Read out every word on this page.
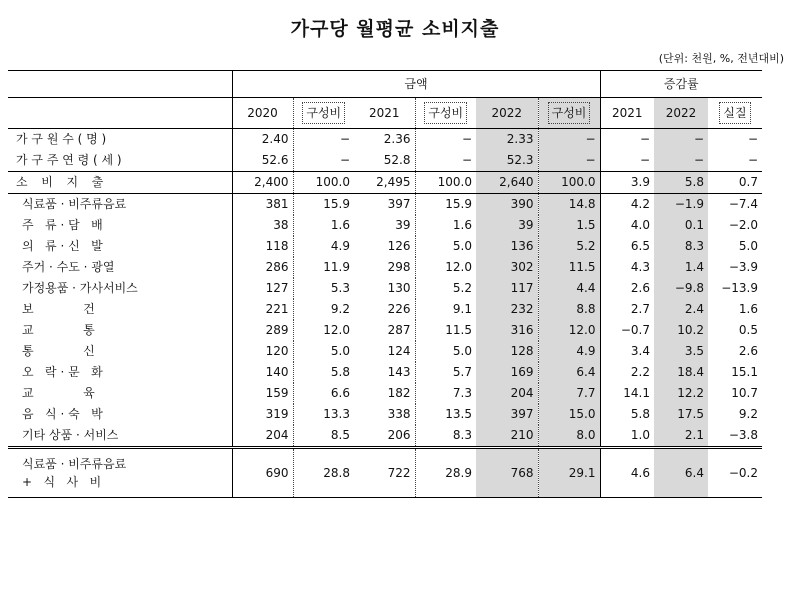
가구당 월평균 소비지출
(단위: 천원, %, 전년대비)
	금액						증감률		
	2020	구성비	2021	구성비	2022	구성비	2021	2022	실질
가 구 원 수 ( 명 )	2.40	−	2.36	−	2.33	−	−	−	−
가 구 주 연 령 ( 세 )	52.6	−	52.8	−	52.3	−	−	−	−
소  비  지  출	2,400	100.0	2,495	100.0	2,640	100.0	3.9	5.8	0.7
식료품 · 비주류음료	381	15.9	397	15.9	390	14.8	4.2	−1.9	−7.4
주   류 · 담   배	38	1.6	39	1.6	39	1.5	4.0	0.1	−2.0
의   류 · 신   발	118	4.9	126	5.0	136	5.2	6.5	8.3	5.0
주거 · 수도 · 광열	286	11.9	298	12.0	302	11.5	4.3	1.4	−3.9
가정용품 · 가사서비스	127	5.3	130	5.2	117	4.4	2.6	−9.8	−13.9
보             건	221	9.2	226	9.1	232	8.8	2.7	2.4	1.6
교             통	289	12.0	287	11.5	316	12.0	−0.7	10.2	0.5
통             신	120	5.0	124	5.0	128	4.9	3.4	3.5	2.6
오   락 · 문   화	140	5.8	143	5.7	169	6.4	2.2	18.4	15.1
교             육	159	6.6	182	7.3	204	7.7	14.1	12.2	10.7
음   식 · 숙   박	319	13.3	338	13.5	397	15.0	5.8	17.5	9.2
기타 상품 · 서비스	204	8.5	206	8.3	210	8.0	1.0	2.1	−3.8

식료품 · 비주류음료
+   식   사   비	690	28.8	722	28.9	768	29.1	4.6	6.4	−0.2
